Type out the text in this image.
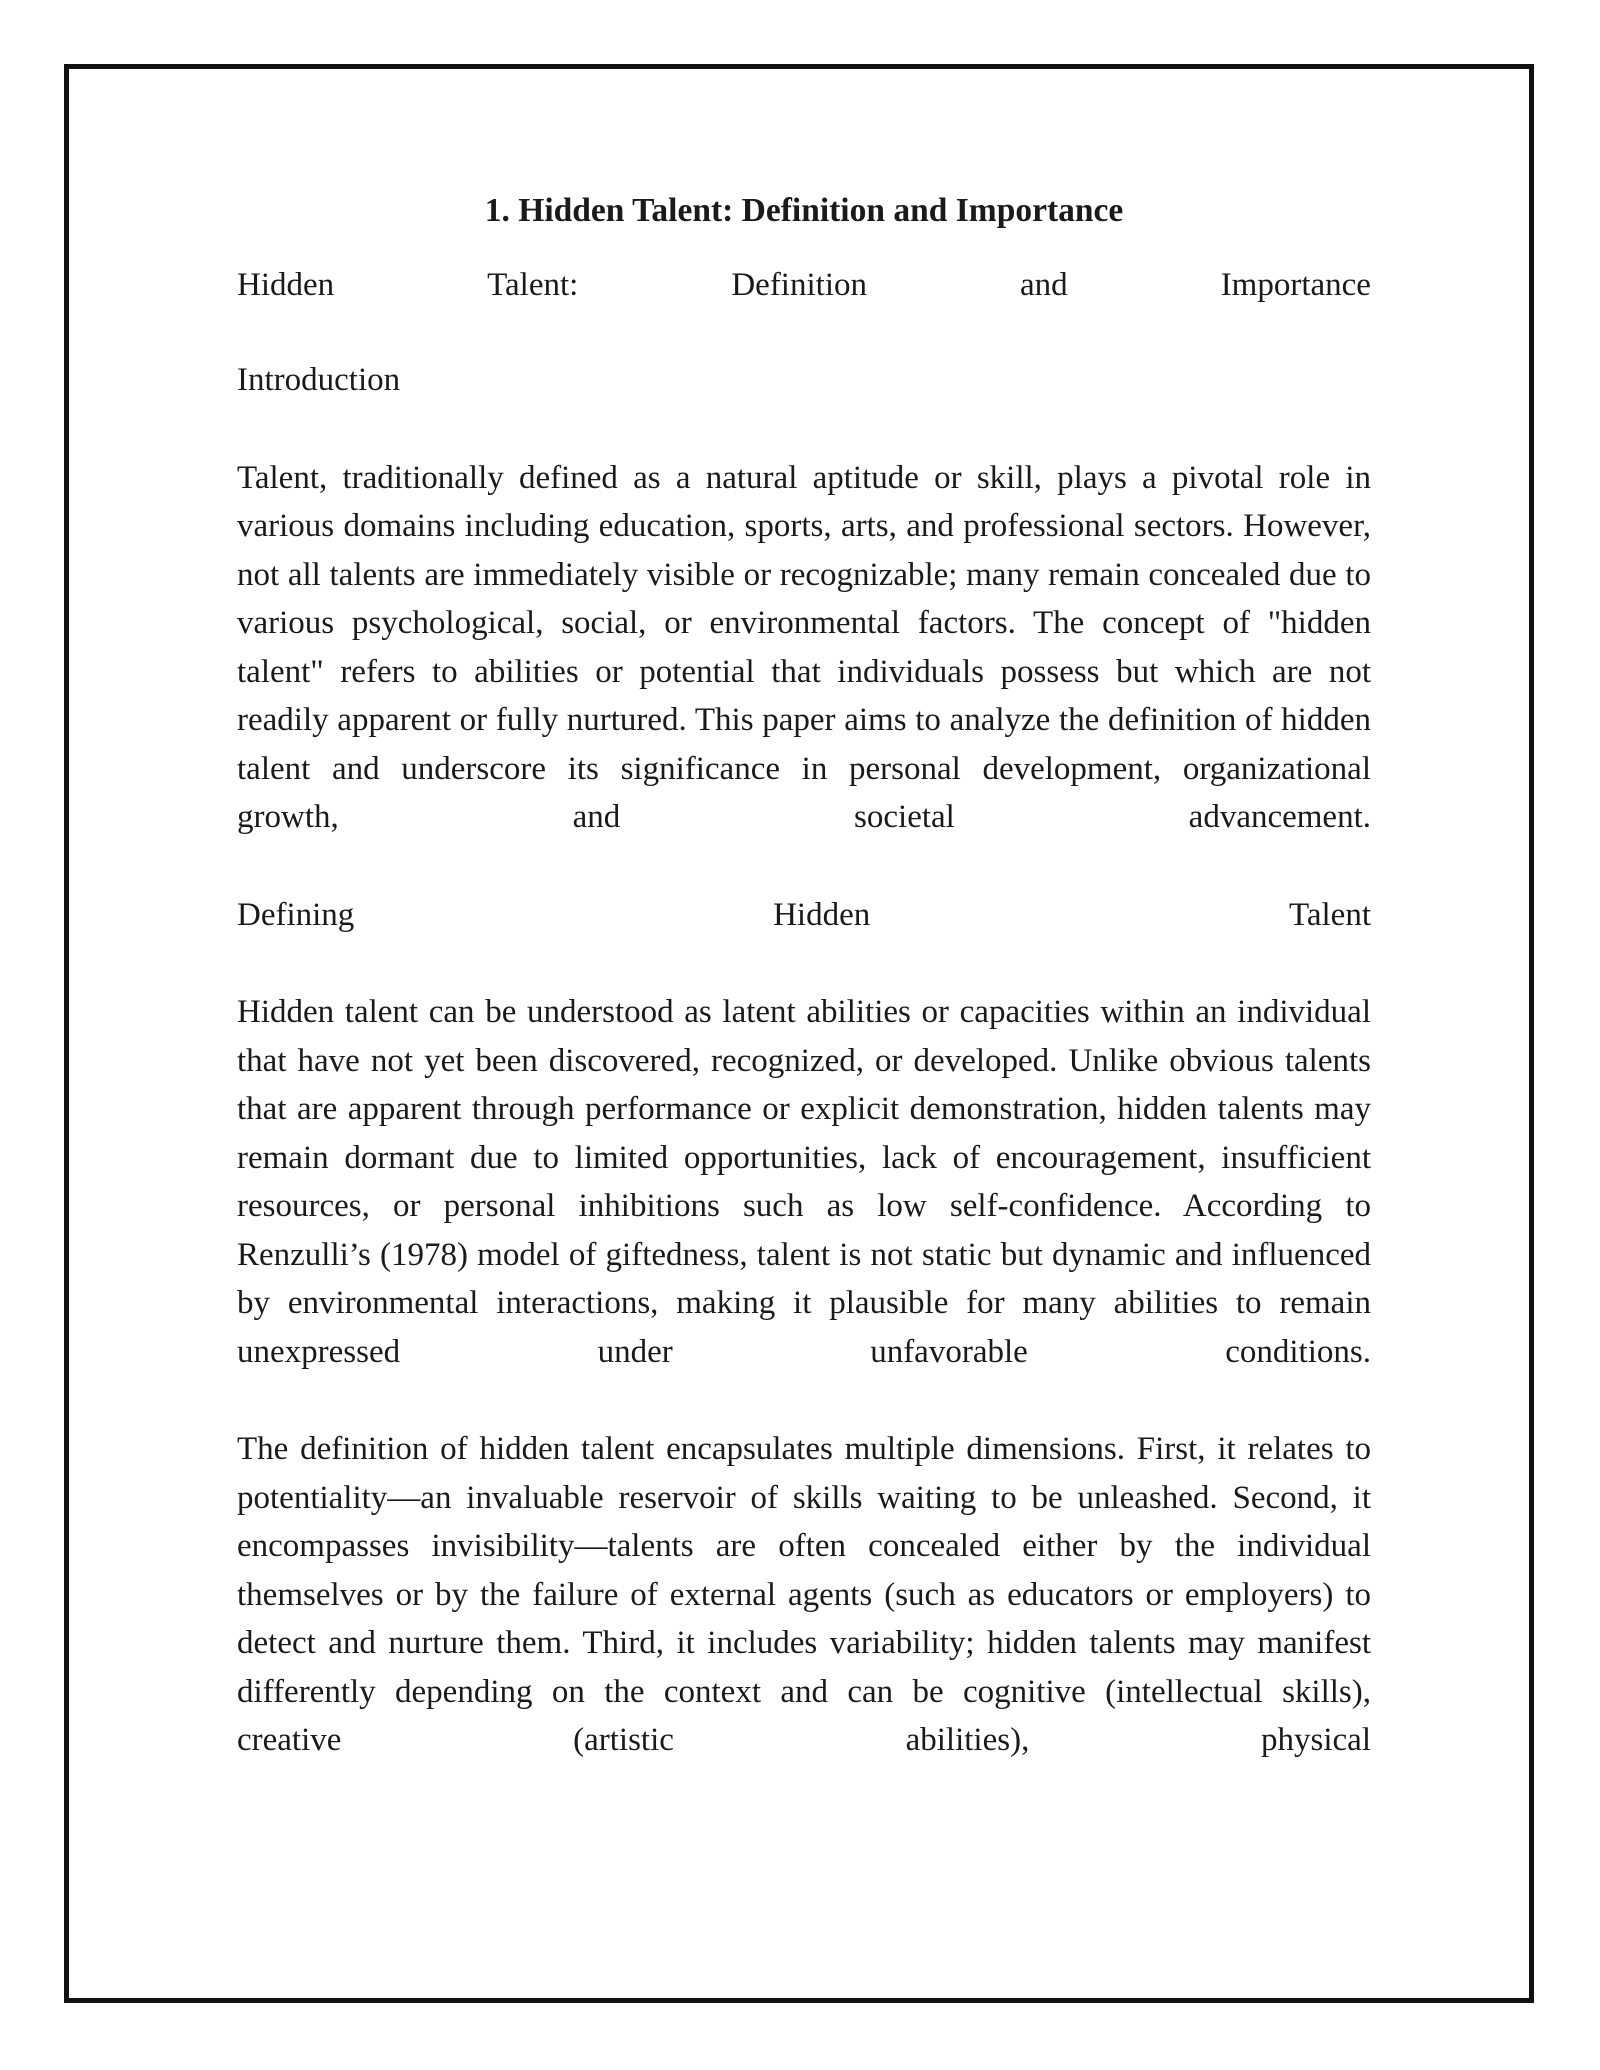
1. Hidden Talent: Definition and Importance
Hidden	Talent:	Definition	and	Importance

Introduction

Talent, traditionally defined as a natural aptitude or skill, plays a pivotal role in various domains including education, sports, arts, and professional sectors. However, not all talents are immediately visible or recognizable; many remain concealed due to various psychological, social, or environmental factors. The concept of "hidden talent" refers to abilities or potential that individuals possess but which are not readily apparent or fully nurtured. This paper aims to analyze the definition of hidden talent and underscore its significance in personal development, organizational growth, and societal advancement.

Defining	Hidden	Talent

Hidden talent can be understood as latent abilities or capacities within an individual that have not yet been discovered, recognized, or developed. Unlike obvious talents that are apparent through performance or explicit demonstration, hidden talents may remain dormant due to limited opportunities, lack of encouragement, insufficient resources, or personal inhibitions such as low self-confidence. According to Renzulli’s (1978) model of giftedness, talent is not static but dynamic and influenced by environmental interactions, making it plausible for many abilities to remain unexpressed under unfavorable conditions.

The definition of hidden talent encapsulates multiple dimensions. First, it relates to potentiality—an invaluable reservoir of skills waiting to be unleashed. Second, it encompasses invisibility—talents are often concealed either by the individual themselves or by the failure of external agents (such as educators or employers) to detect and nurture them. Third, it includes variability; hidden talents may manifest differently depending on the context and can be cognitive (intellectual skills), creative (artistic abilities), physical
